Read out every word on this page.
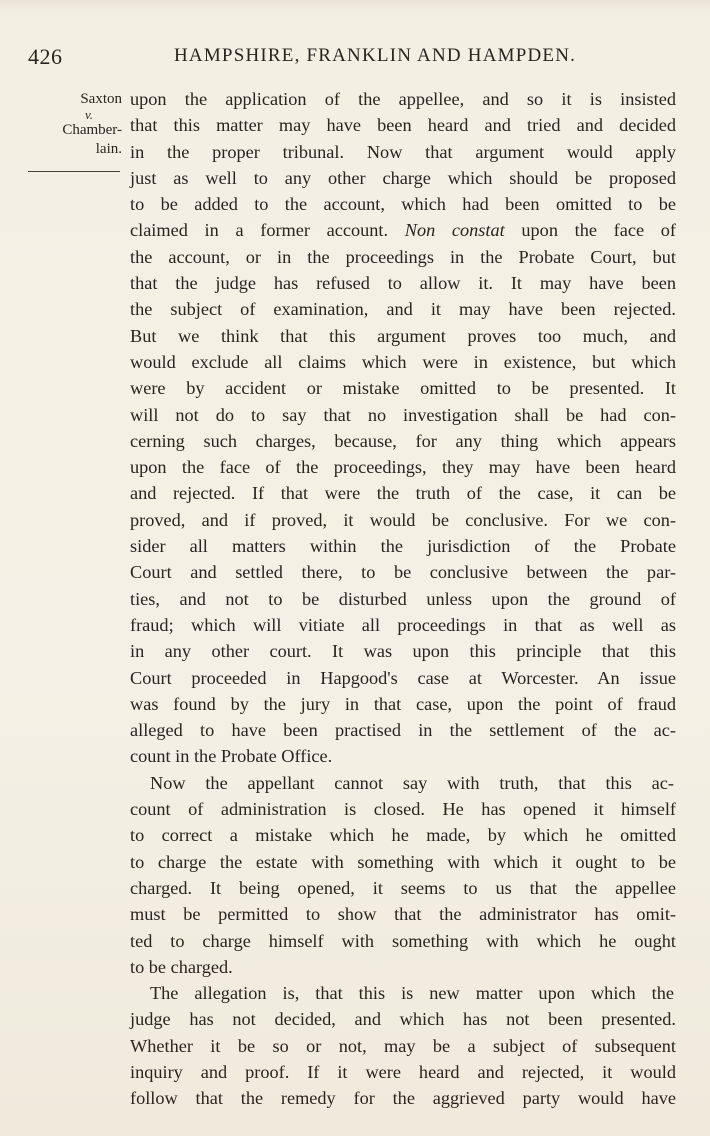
426	HAMPSHIRE, FRANKLIN AND HAMPDEN.
Saxton
v.
Chamber-
lain.
upon the application of the appellee, and so it is insisted
that this matter may have been heard and tried and decided
in the proper tribunal. Now that argument would apply
just as well to any other charge which should be proposed
to be added to the account, which had been omitted to be
claimed in a former account. Non constat upon the face of
the account, or in the proceedings in the Probate Court, but
that the judge has refused to allow it. It may have been
the subject of examination, and it may have been rejected.
But we think that this argument proves too much, and
would exclude all claims which were in existence, but which
were by accident or mistake omitted to be presented. It
will not do to say that no investigation shall be had con-
cerning such charges, because, for any thing which appears
upon the face of the proceedings, they may have been heard
and rejected. If that were the truth of the case, it can be
proved, and if proved, it would be conclusive. For we con-
sider all matters within the jurisdiction of the Probate
Court and settled there, to be conclusive between the par-
ties, and not to be disturbed unless upon the ground of
fraud; which will vitiate all proceedings in that as well as
in any other court. It was upon this principle that this
Court proceeded in Hapgood's case at Worcester. An issue
was found by the jury in that case, upon the point of fraud
alleged to have been practised in the settlement of the ac-
count in the Probate Office.
Now the appellant cannot say with truth, that this ac-
count of administration is closed. He has opened it himself
to correct a mistake which he made, by which he omitted
to charge the estate with something with which it ought to be
charged. It being opened, it seems to us that the appellee
must be permitted to show that the administrator has omit-
ted to charge himself with something with which he ought
to be charged.
The allegation is, that this is new matter upon which the
judge has not decided, and which has not been presented.
Whether it be so or not, may be a subject of subsequent
inquiry and proof. If it were heard and rejected, it would
follow that the remedy for the aggrieved party would have
